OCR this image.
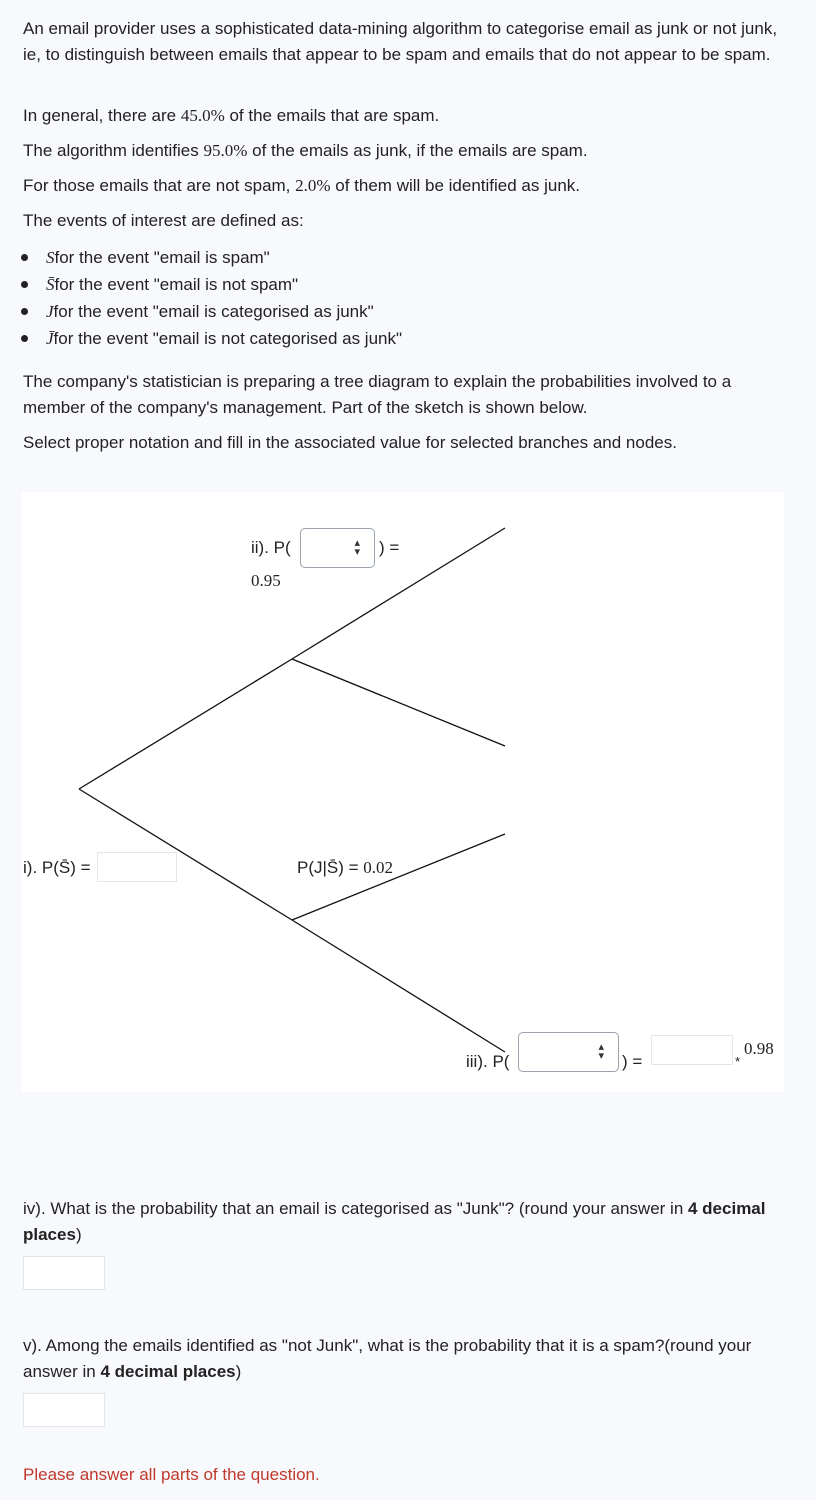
An email provider uses a sophisticated data-mining algorithm to categorise email as junk or not junk, ie, to distinguish between emails that appear to be spam and emails that do not appear to be spam.
In general, there are 45.0% of the emails that are spam.
The algorithm identifies 95.0% of the emails as junk, if the emails are spam.
For those emails that are not spam, 2.0% of them will be identified as junk.
The events of interest are defined as:
S for the event "email is spam"
S̄ for the event "email is not spam"
J for the event "email is categorised as junk"
J̄ for the event "email is not categorised as junk"
The company's statistician is preparing a tree diagram to explain the probabilities involved to a member of the company's management. Part of the sketch is shown below.
Select proper notation and fill in the associated value for selected branches and nodes.
ii). P(	▴
▾ ) =
0.95
i). P(S̄) =	P(J|S̄) = 0.02
iii). P(
▴
▾ ) =	*
0.98
iv). What is the probability that an email is categorised as "Junk"? (round your answer in 4 decimal places)
v). Among the emails identified as "not Junk", what is the probability that it is a spam?(round your answer in 4 decimal places)
Please answer all parts of the question.
